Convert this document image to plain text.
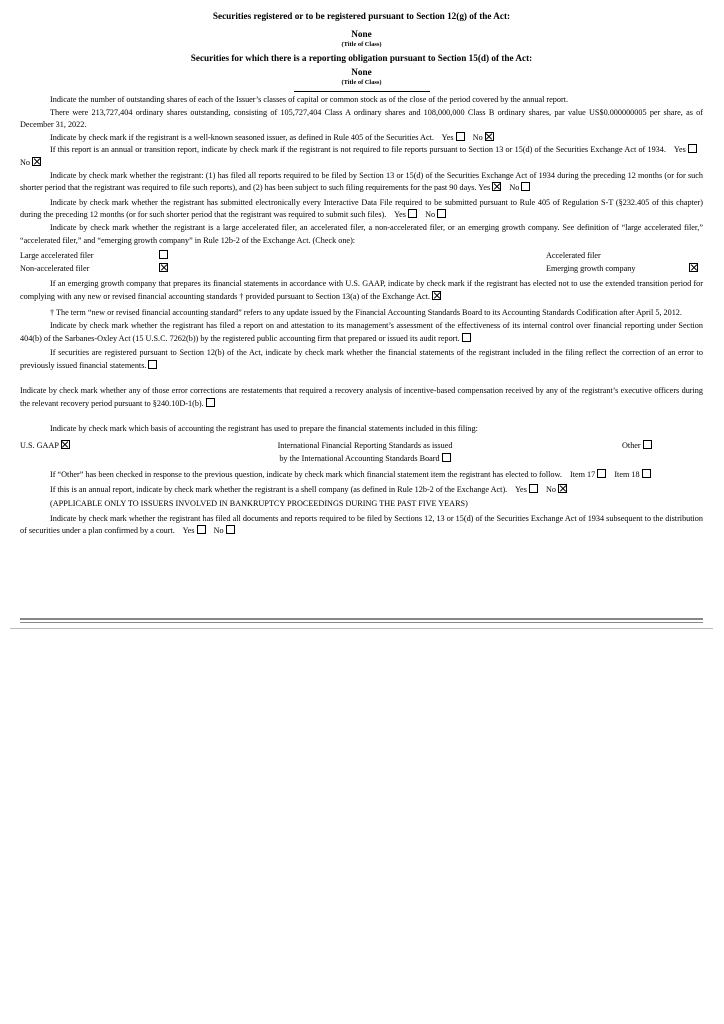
Securities registered or to be registered pursuant to Section 12(g) of the Act:
None
(Title of Class)
Securities for which there is a reporting obligation pursuant to Section 15(d) of the Act:
None
(Title of Class)

Indicate the number of outstanding shares of each of the Issuer’s classes of capital or common stock as of the close of the period covered by the annual report.

There were 213,727,404 ordinary shares outstanding, consisting of 105,727,404 Class A ordinary shares and 108,000,000 Class B ordinary shares, par value US$0.000000005 per share, as of December 31, 2022.

Indicate by check mark if the registrant is a well-known seasoned issuer, as defined in Rule 405 of the Securities Act. Yes No

If this report is an annual or transition report, indicate by check mark if the registrant is not required to file reports pursuant to Section 13 or 15(d) of the Securities Exchange Act of 1934. Yes  No

Indicate by check mark whether the registrant: (1) has filed all reports required to be filed by Section 13 or 15(d) of the Securities Exchange Act of 1934 during the preceding 12 months (or for such shorter period that the registrant was required to file such reports), and (2) has been subject to such filing requirements for the past 90 days. Yes No

Indicate by check mark whether the registrant has submitted electronically every Interactive Data File required to be submitted pursuant to Rule 405 of Regulation S-T (§232.405 of this chapter) during the preceding 12 months (or for such shorter period that the registrant was required to submit such files). Yes No

Indicate by check mark whether the registrant is a large accelerated filer, an accelerated filer, a non-accelerated filer, or an emerging growth company. See definition of “large accelerated filer,” “accelerated filer,” and “emerging growth company” in Rule 12b-2 of the Exchange Act. (Check one):

Large accelerated filer	Accelerated filer
Non-accelerated filer	Emerging growth company

If an emerging growth company that prepares its financial statements in accordance with U.S. GAAP, indicate by check mark if the registrant has elected not to use the extended transition period for complying with any new or revised financial accounting standards † provided pursuant to Section 13(a) of the Exchange Act.

† The term “new or revised financial accounting standard” refers to any update issued by the Financial Accounting Standards Board to its Accounting Standards Codification after April 5, 2012.

Indicate by check mark whether the registrant has filed a report on and attestation to its management’s assessment of the effectiveness of its internal control over financial reporting under Section 404(b) of the Sarbanes-Oxley Act (15 U.S.C. 7262(b)) by the registered public accounting firm that prepared or issued its audit report.

If securities are registered pursuant to Section 12(b) of the Act, indicate by check mark whether the financial statements of the registrant included in the filing reflect the correction of an error to previously issued financial statements.

Indicate by check mark whether any of those error corrections are restatements that required a recovery analysis of incentive-based compensation received by any of the registrant’s executive officers during the relevant recovery period pursuant to §240.10D-1(b).

Indicate by check mark which basis of accounting the registrant has used to prepare the financial statements included in this filing:

U.S. GAAP	International Financial Reporting Standards as issued
by the International Accounting Standards Board
Other

If “Other” has been checked in response to the previous question, indicate by check mark which financial statement item the registrant has elected to follow. Item 17 Item 18

If this is an annual report, indicate by check mark whether the registrant is a shell company (as defined in Rule 12b-2 of the Exchange Act). Yes No

(APPLICABLE ONLY TO ISSUERS INVOLVED IN BANKRUPTCY PROCEEDINGS DURING THE PAST FIVE YEARS)

Indicate by check mark whether the registrant has filed all documents and reports required to be filed by Sections 12, 13 or 15(d) of the Securities Exchange Act of 1934 subsequent to the distribution of securities under a plan confirmed by a court. Yes No
